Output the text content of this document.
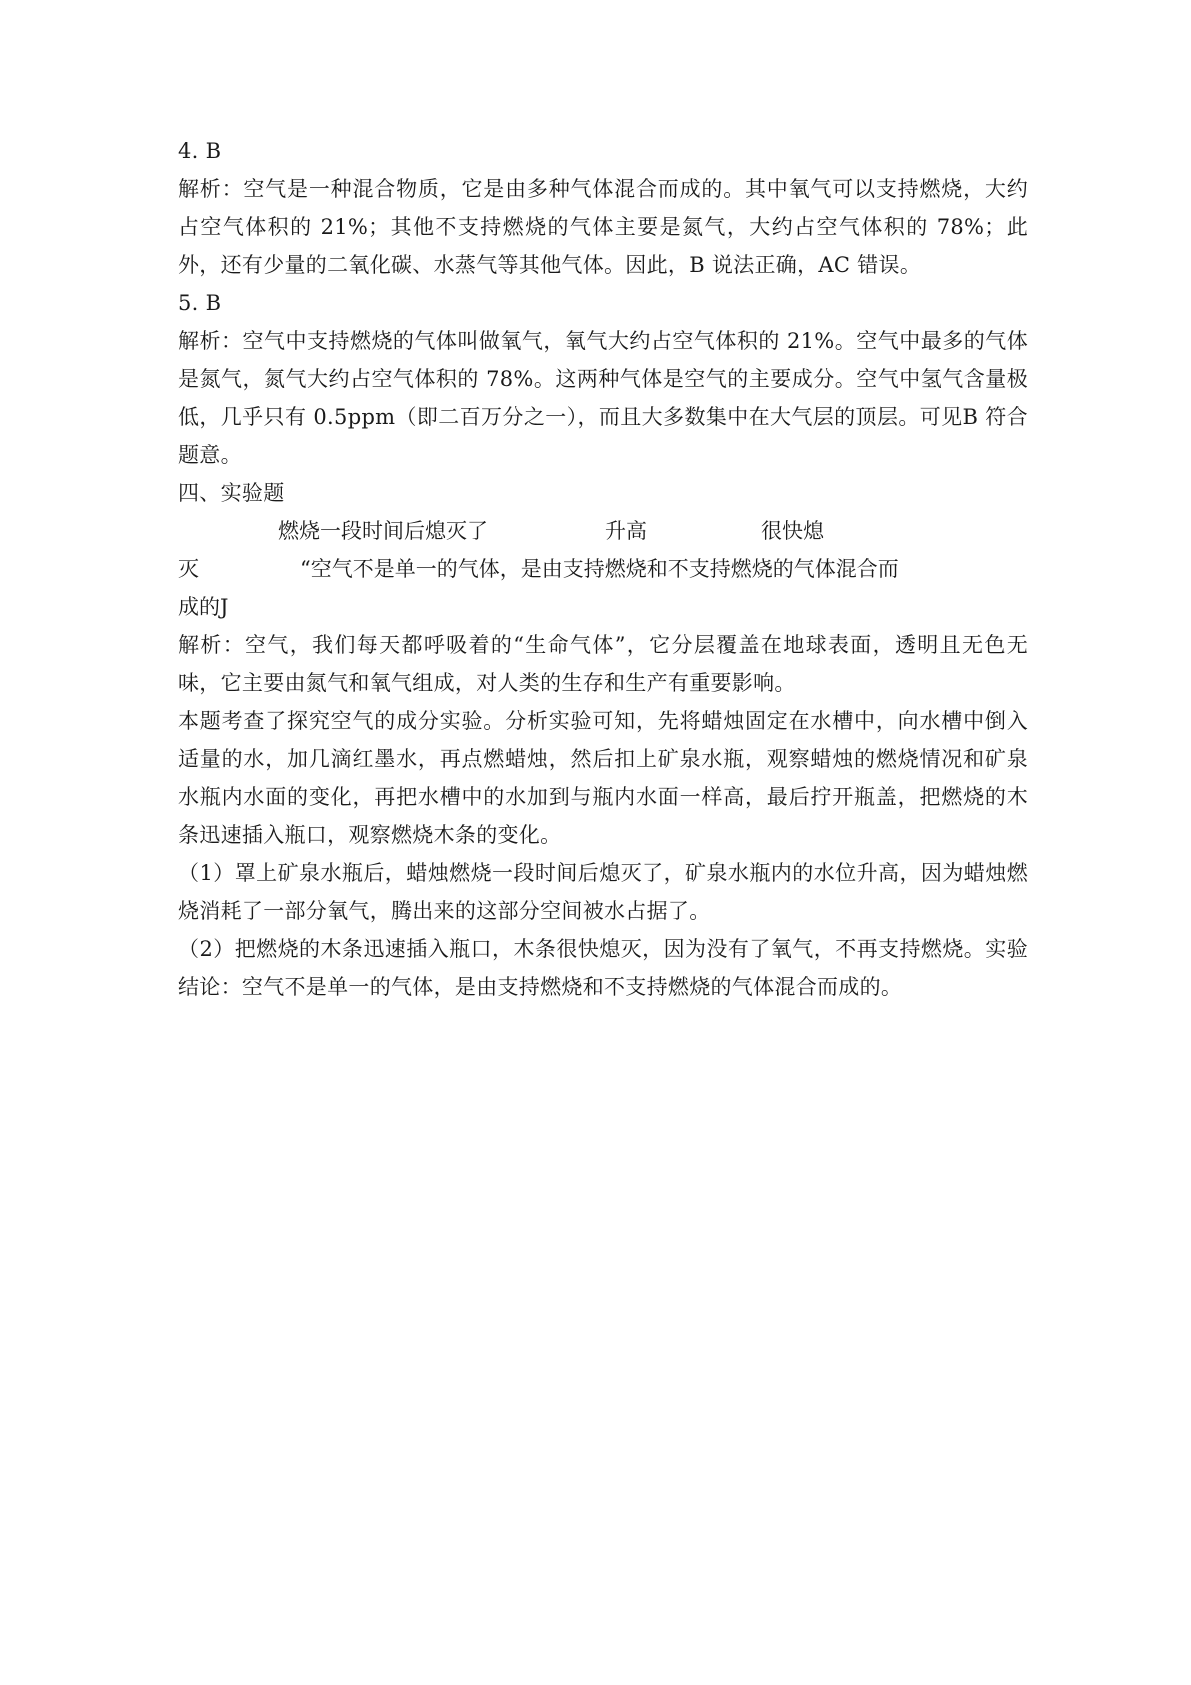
4. B

解析：空气是一种混合物质，它是由多种气体混合而成的。其中氧气可以支持燃烧，大约占空气体积的 21%；其他不支持燃烧的气体主要是氮气，大约占空气体积的 78%；此外，还有少量的二氧化碳、水蒸气等其他气体。因此，B 说法正确，AC 错误。

5. B

解析：空气中支持燃烧的气体叫做氧气，氧气大约占空气体积的 21%。空气中最多的气体是氮气，氮气大约占空气体积的 78%。这两种气体是空气的主要成分。空气中氢气含量极低，几乎只有 0.5ppm（即二百万分之一），而且大多数集中在大气层的顶层。可见B 符合题意。

四、实验题

燃烧一段时间后熄灭了	升高	很快熄
灭	“空气不是单一的气体，是由支持燃烧和不支持燃烧的气体混合而
成的J

解析：空气，我们每天都呼吸着的“生命气体”，它分层覆盖在地球表面，透明且无色无味，它主要由氮气和氧气组成，对人类的生存和生产有重要影响。

本题考查了探究空气的成分实验。分析实验可知，先将蜡烛固定在水槽中，向水槽中倒入适量的水，加几滴红墨水，再点燃蜡烛，然后扣上矿泉水瓶，观察蜡烛的燃烧情况和矿泉水瓶内水面的变化，再把水槽中的水加到与瓶内水面一样高，最后拧开瓶盖，把燃烧的木条迅速插入瓶口，观察燃烧木条的变化。

（1）罩上矿泉水瓶后，蜡烛燃烧一段时间后熄灭了，矿泉水瓶内的水位升高，因为蜡烛燃烧消耗了一部分氧气，腾出来的这部分空间被水占据了。

（2）把燃烧的木条迅速插入瓶口，木条很快熄灭，因为没有了氧气，不再支持燃烧。实验结论：空气不是单一的气体，是由支持燃烧和不支持燃烧的气体混合而成的。
